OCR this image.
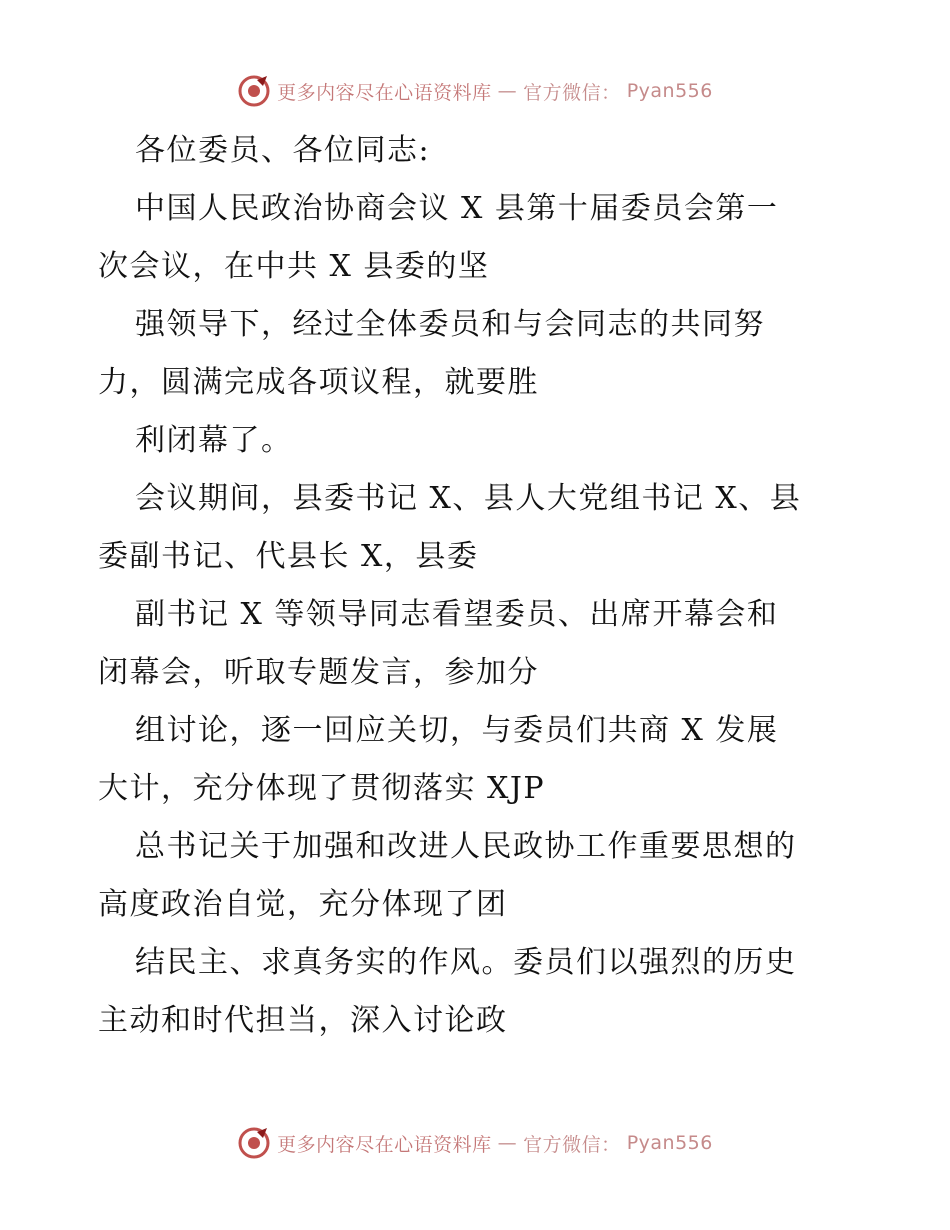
更多内容尽在心语资料库 — 官方微信： Pyan556

各位委员、各位同志:

中国人民政治协商会议 X 县第十届委员会第一

次会议，在中共 X 县委的坚

强领导下，经过全体委员和与会同志的共同努

力，圆满完成各项议程，就要胜

利闭幕了。

会议期间，县委书记 X、县人大党组书记 X、县

委副书记、代县长 X，县委

副书记 X 等领导同志看望委员、出席开幕会和

闭幕会，听取专题发言，参加分

组讨论，逐一回应关切，与委员们共商 X 发展

大计，充分体现了贯彻落实 XJP

总书记关于加强和改进人民政协工作重要思想的

高度政治自觉，充分体现了团

结民主、求真务实的作风。委员们以强烈的历史

主动和时代担当，深入讨论政

更多内容尽在心语资料库 — 官方微信： Pyan556
